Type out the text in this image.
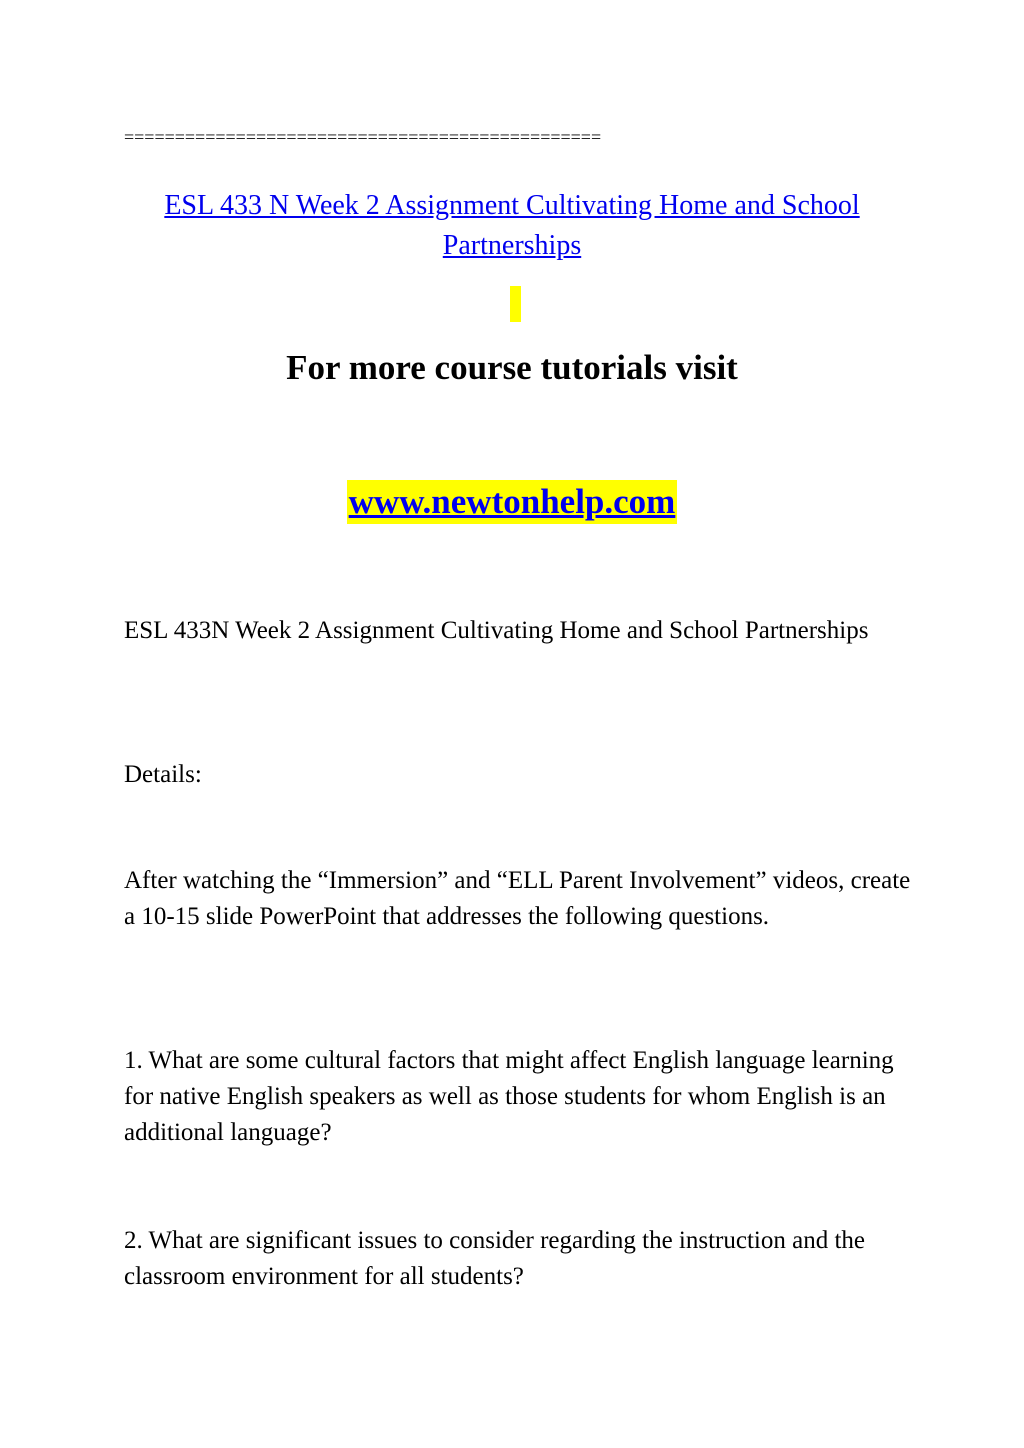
===============================================
ESL 433 N Week 2 Assignment Cultivating Home and School Partnerships
For more course tutorials visit
www.newtonhelp.com

ESL 433N Week 2 Assignment Cultivating Home and School Partnerships

Details:

After watching the “Immersion” and “ELL Parent Involvement” videos, create a 10-15 slide PowerPoint that addresses the following questions.

1. What are some cultural factors that might affect English language learning for native English speakers as well as those students for whom English is an additional language?

2. What are significant issues to consider regarding the instruction and the classroom environment for all students?
